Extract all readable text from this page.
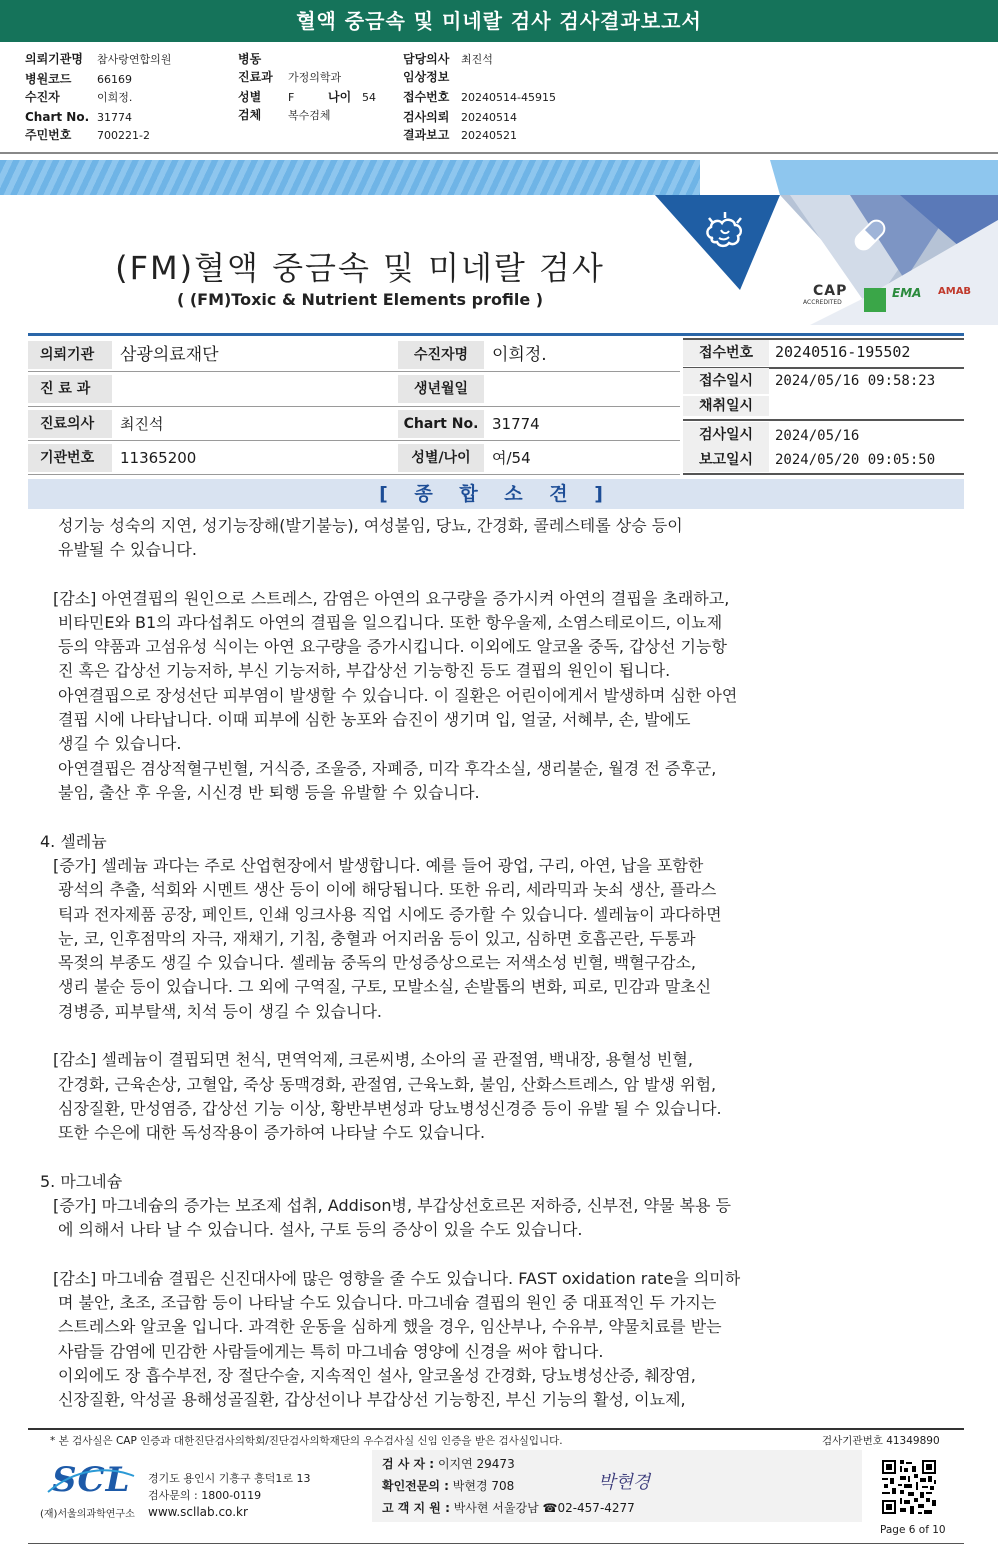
혈액 중금속 및 미네랄 검사 검사결과보고서
의뢰기관명 참사랑연합의원
병원코드 66169
수진자	이희정.
Chart No. 31774
주민번호 700221-2
병동
진료과 가정의학과
성별 F	나이 54
검체 복수검체
담당의사 최진석
임상정보
접수번호 20240514-45915
검사의뢰 20240514
결과보고 20240521
CAP
ACCREDITED
EMA AMAB
(FM)혈액 중금속 및 미네랄 검사
( (FM)Toxic & Nutrient Elements profile )
의뢰기관	삼광의료재단	수진자명	이희정.
진 료 과	생년월일
진료의사	최진석	Chart No. 31774
기관번호	11365200	성별/나이	여/54
접수번호	20240516-195502
접수일시	2024/05/16 09:58:23
채취일시
검사일시	2024/05/16
보고일시	2024/05/20 09:05:50
[ 종 합 소 견 ]
성기능 성숙의 지연, 성기능장해(발기불능), 여성불임, 당뇨, 간경화, 콜레스테롤 상승 등이
유발될 수 있습니다.
[감소] 아연결핍의 원인으로 스트레스, 감염은 아연의 요구량을 증가시켜 아연의 결핍을 초래하고,
비타민E와 B1의 과다섭취도 아연의 결핍을 일으킵니다. 또한 항우울제, 소염스테로이드, 이뇨제
등의 약품과 고섬유성 식이는 아연 요구량을 증가시킵니다. 이외에도 알코올 중독, 갑상선 기능항
진 혹은 갑상선 기능저하, 부신 기능저하, 부갑상선 기능항진 등도 결핍의 원인이 됩니다.
아연결핍으로 장성선단 피부염이 발생할 수 있습니다. 이 질환은 어린이에게서 발생하며 심한 아연
결핍 시에 나타납니다. 이때 피부에 심한 농포와 습진이 생기며 입, 얼굴, 서혜부, 손, 발에도
생길 수 있습니다.
아연결핍은 겸상적혈구빈혈, 거식증, 조울증, 자폐증, 미각 후각소실, 생리불순, 월경 전 증후군,
불임, 출산 후 우울, 시신경 반 퇴행 등을 유발할 수 있습니다.
4. 셀레늄
[증가] 셀레늄 과다는 주로 산업현장에서 발생합니다. 예를 들어 광업, 구리, 아연, 납을 포함한
광석의 추출, 석회와 시멘트 생산 등이 이에 해당됩니다. 또한 유리, 세라믹과 놋쇠 생산, 플라스
틱과 전자제품 공장, 페인트, 인쇄 잉크사용 직업 시에도 증가할 수 있습니다. 셀레늄이 과다하면
눈, 코, 인후점막의 자극, 재채기, 기침, 충혈과 어지러움 등이 있고, 심하면 호흡곤란, 두통과
목젖의 부종도 생길 수 있습니다. 셀레늄 중독의 만성증상으로는 저색소성 빈혈, 백혈구감소,
생리 불순 등이 있습니다. 그 외에 구역질, 구토, 모발소실, 손발톱의 변화, 피로, 민감과 말초신
경병증, 피부탈색, 치석 등이 생길 수 있습니다.
[감소] 셀레늄이 결핍되면 천식, 면역억제, 크론씨병, 소아의 골 관절염, 백내장, 용혈성 빈혈,
간경화, 근육손상, 고혈압, 죽상 동맥경화, 관절염, 근육노화, 불임, 산화스트레스, 암 발생 위험,
심장질환, 만성염증, 갑상선 기능 이상, 황반부변성과 당뇨병성신경증 등이 유발 될 수 있습니다.
또한 수은에 대한 독성작용이 증가하여 나타날 수도 있습니다.
5. 마그네슘
[증가] 마그네슘의 증가는 보조제 섭취, Addison병, 부갑상선호르몬 저하증, 신부전, 약물 복용 등
에 의해서 나타 날 수 있습니다. 설사, 구토 등의 증상이 있을 수도 있습니다.
[감소] 마그네슘 결핍은 신진대사에 많은 영향을 줄 수도 있습니다. FAST oxidation rate을 의미하
며 불안, 초조, 조급함 등이 나타날 수도 있습니다. 마그네슘 결핍의 원인 중 대표적인 두 가지는
스트레스와 알코올 입니다. 과격한 운동을 심하게 했을 경우, 임산부나, 수유부, 약물치료를 받는
사람들 감염에 민감한 사람들에게는 특히 마그네슘 영양에 신경을 써야 합니다.
이외에도 장 흡수부전, 장 절단수술, 지속적인 설사, 알코올성 간경화, 당뇨병성산증, 췌장염,
신장질환, 악성골 용해성골질환, 갑상선이나 부갑상선 기능항진, 부신 기능의 활성, 이뇨제,
* 본 검사실은 CAP 인증과 대한진단검사의학회/진단검사의학재단의 우수검사실 신임 인증을 받은 검사실입니다.	검사기관번호 41349890
SCL
(재)서울의과학연구소
경기도 용인시 기흥구 흥덕1로 13
검사문의 : 1800-0119
www.scllab.co.kr
검 사 자 : 이지연 29473
확인전문의 : 박현경 708
고 객 지 원 : 박사현 서울강남 ☎02-457-4277
박현경
Page 6 of 10
